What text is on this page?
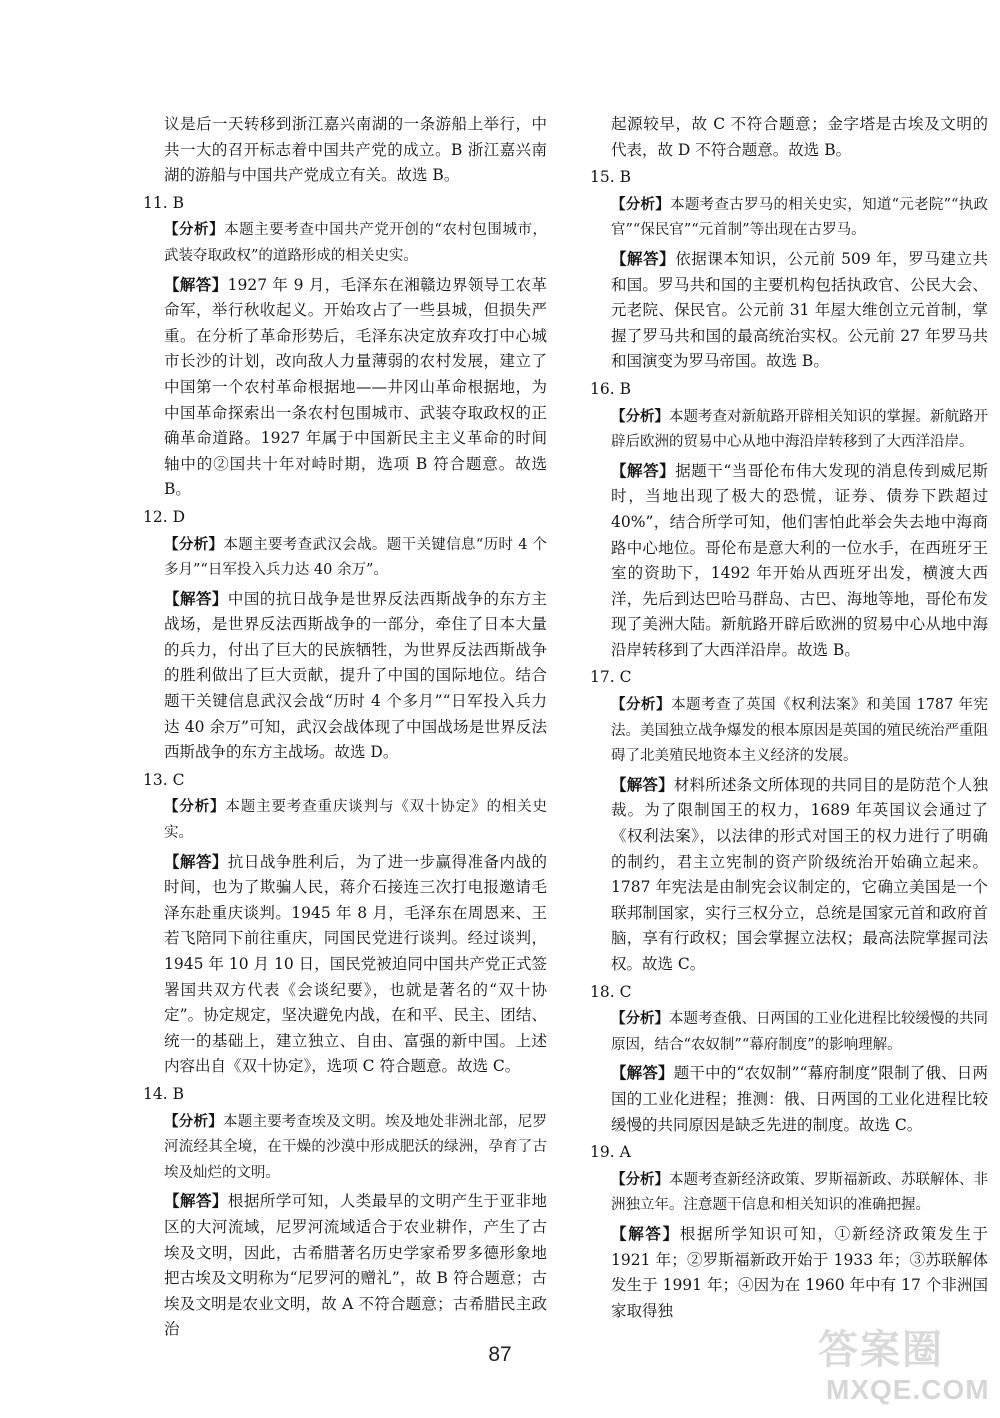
议是后一天转移到浙江嘉兴南湖的一条游船上举行，中共一大的召开标志着中国共产党的成立。B 浙江嘉兴南湖的游船与中国共产党成立有关。故选 B。
11. B
【分析】本题主要考查中国共产党开创的“农村包围城市，武装夺取政权”的道路形成的相关史实。
【解答】1927 年 9 月，毛泽东在湘赣边界领导工农革命军，举行秋收起义。开始攻占了一些县城，但损失严重。在分析了革命形势后，毛泽东决定放弃攻打中心城市长沙的计划，改向敌人力量薄弱的农村发展，建立了中国第一个农村革命根据地——井冈山革命根据地，为中国革命探索出一条农村包围城市、武装夺取政权的正确革命道路。1927 年属于中国新民主主义革命的时间轴中的②国共十年对峙时期，选项 B 符合题意。故选 B。
12. D
【分析】本题主要考查武汉会战。题干关键信息“历时 4 个多月”“日军投入兵力达 40 余万”。
【解答】中国的抗日战争是世界反法西斯战争的东方主战场，是世界反法西斯战争的一部分，牵住了日本大量的兵力，付出了巨大的民族牺牲，为世界反法西斯战争的胜利做出了巨大贡献，提升了中国的国际地位。结合题干关键信息武汉会战“历时 4 个多月”“日军投入兵力达 40 余万”可知，武汉会战体现了中国战场是世界反法西斯战争的东方主战场。故选 D。
13. C
【分析】本题主要考查重庆谈判与《双十协定》的相关史实。
【解答】抗日战争胜利后，为了进一步赢得准备内战的时间，也为了欺骗人民，蒋介石接连三次打电报邀请毛泽东赴重庆谈判。1945 年 8 月，毛泽东在周恩来、王若飞陪同下前往重庆，同国民党进行谈判。经过谈判，1945 年 10 月 10 日，国民党被迫同中国共产党正式签署国共双方代表《会谈纪要》，也就是著名的“双十协定”。协定规定，坚决避免内战，在和平、民主、团结、统一的基础上，建立独立、自由、富强的新中国。上述内容出自《双十协定》，选项 C 符合题意。故选 C。
14. B
【分析】本题主要考查埃及文明。埃及地处非洲北部，尼罗河流经其全境，在干燥的沙漠中形成肥沃的绿洲，孕育了古埃及灿烂的文明。
【解答】根据所学可知，人类最早的文明产生于亚非地区的大河流域，尼罗河流域适合于农业耕作，产生了古埃及文明，因此，古希腊著名历史学家希罗多德形象地把古埃及文明称为“尼罗河的赠礼”，故 B 符合题意；古埃及文明是农业文明，故 A 不符合题意；古希腊民主政治
起源较早，故 C 不符合题意；金字塔是古埃及文明的代表，故 D 不符合题意。故选 B。
15. B
【分析】本题考查古罗马的相关史实，知道“元老院”“执政官”“保民官”“元首制”等出现在古罗马。
【解答】依据课本知识，公元前 509 年，罗马建立共和国。罗马共和国的主要机构包括执政官、公民大会、元老院、保民官。公元前 31 年屋大维创立元首制，掌握了罗马共和国的最高统治实权。公元前 27 年罗马共和国演变为罗马帝国。故选 B。
16. B
【分析】本题考查对新航路开辟相关知识的掌握。新航路开辟后欧洲的贸易中心从地中海沿岸转移到了大西洋沿岸。
【解答】据题干“当哥伦布伟大发现的消息传到威尼斯时，当地出现了极大的恐慌，证券、债券下跌超过 40%”，结合所学可知，他们害怕此举会失去地中海商路中心地位。哥伦布是意大利的一位水手，在西班牙王室的资助下，1492 年开始从西班牙出发，横渡大西洋，先后到达巴哈马群岛、古巴、海地等地，哥伦布发现了美洲大陆。新航路开辟后欧洲的贸易中心从地中海沿岸转移到了大西洋沿岸。故选 B。
17. C
【分析】本题考查了英国《权利法案》和美国 1787 年宪法。美国独立战争爆发的根本原因是英国的殖民统治严重阻碍了北美殖民地资本主义经济的发展。
【解答】材料所述条文所体现的共同目的是防范个人独裁。为了限制国王的权力，1689 年英国议会通过了《权利法案》，以法律的形式对国王的权力进行了明确的制约，君主立宪制的资产阶级统治开始确立起来。1787 年宪法是由制宪会议制定的，它确立美国是一个联邦制国家，实行三权分立，总统是国家元首和政府首脑，享有行政权；国会掌握立法权；最高法院掌握司法权。故选 C。
18. C
【分析】本题考查俄、日两国的工业化进程比较缓慢的共同原因，结合“农奴制”“幕府制度”的影响理解。
【解答】题干中的“农奴制”“幕府制度”限制了俄、日两国的工业化进程；推测：俄、日两国的工业化进程比较缓慢的共同原因是缺乏先进的制度。故选 C。
19. A
【分析】本题考查新经济政策、罗斯福新政、苏联解体、非洲独立年。注意题干信息和相关知识的准确把握。
【解答】根据所学知识可知，①新经济政策发生于 1921 年；②罗斯福新政开始于 1933 年；③苏联解体发生于 1991 年；④因为在 1960 年中有 17 个非洲国家取得独
87	答案圈
MXQE.COM
